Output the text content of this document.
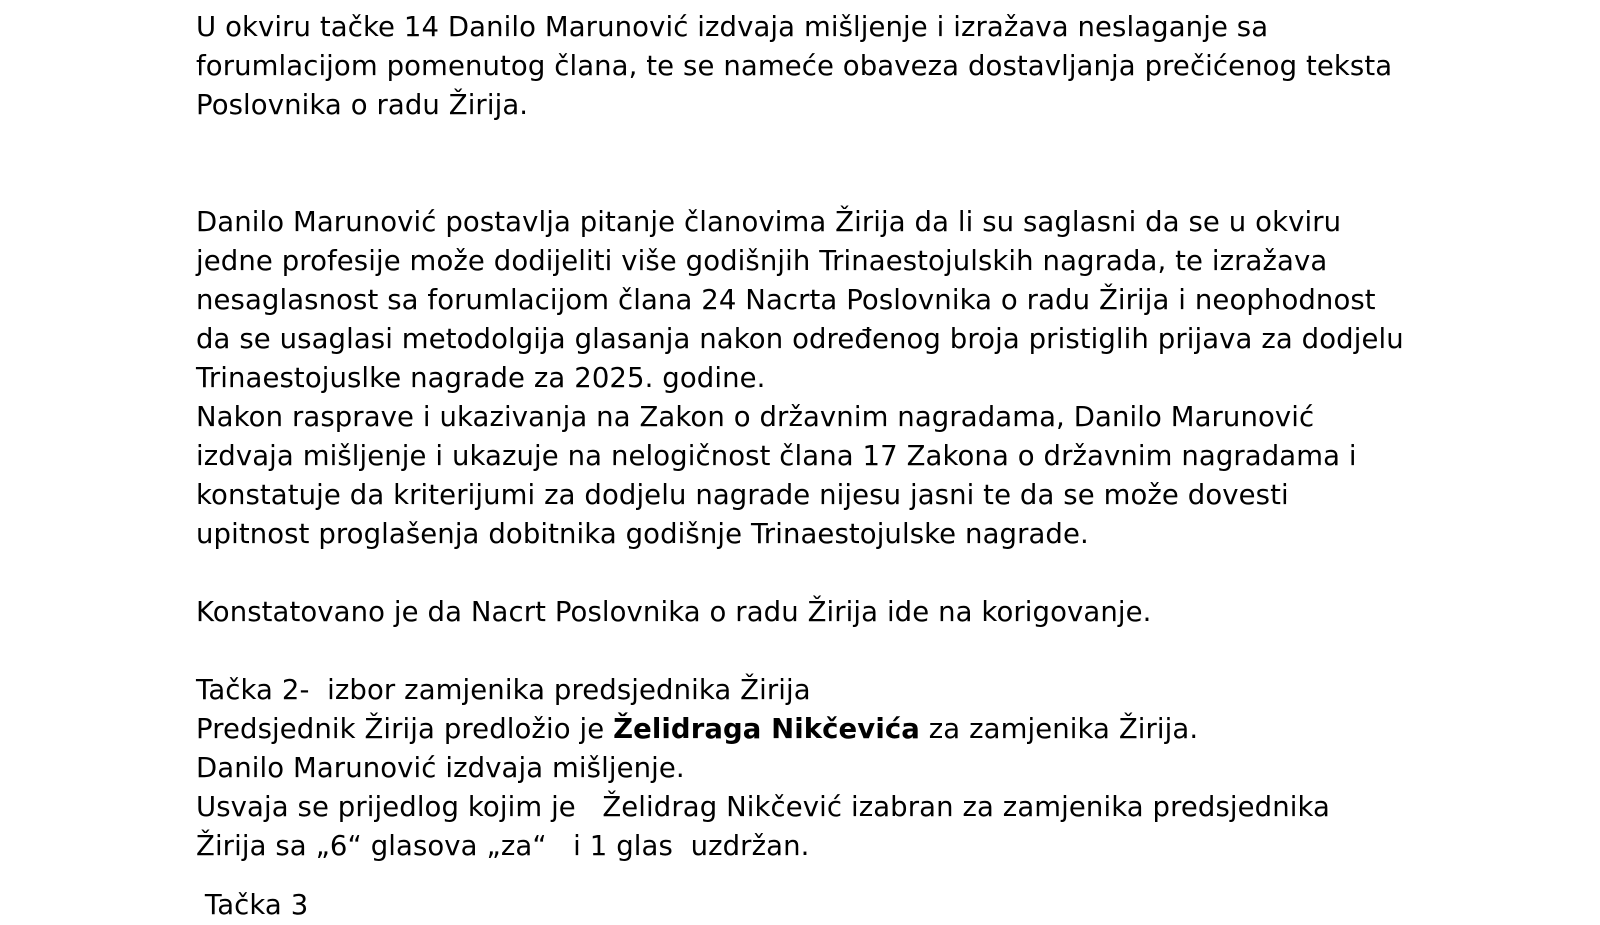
U okviru tačke 14 Danilo Marunović izdvaja mišljenje i izražava neslaganje sa forumlacijom pomenutog člana, te se nameće obaveza dostavljanja prečićenog teksta Poslovnika o radu Žirija.

Danilo Marunović postavlja pitanje članovima Žirija da li su saglasni da se u okviru jedne profesije može dodijeliti više godišnjih Trinaestojulskih nagrada, te izražava nesaglasnost sa forumlacijom člana 24 Nacrta Poslovnika o radu Žirija i neophodnost da se usaglasi metodolgija glasanja nakon određenog broja pristiglih prijava za dodjelu Trinaestojuslke nagrade za 2025. godine.

Nakon rasprave i ukazivanja na Zakon o državnim nagradama, Danilo Marunović izdvaja mišljenje i ukazuje na nelogičnost člana 17 Zakona o državnim nagradama i konstatuje da kriterijumi za dodjelu nagrade nijesu jasni te da se može dovesti upitnost proglašenja dobitnika godišnje Trinaestojulske nagrade.

Konstatovano je da Nacrt Poslovnika o radu Žirija ide na korigovanje.

Tačka 2-  izbor zamjenika predsjednika Žirija

Predsjednik Žirija predložio je Želidraga Nikčevića za zamjenika Žirija.

Danilo Marunović izdvaja mišljenje.

Usvaja se prijedlog kojim je   Želidrag Nikčević izabran za zamjenika predsjednika Žirija sa „6“ glasova „za“   i 1 glas  uzdržan.

Tačka 3
